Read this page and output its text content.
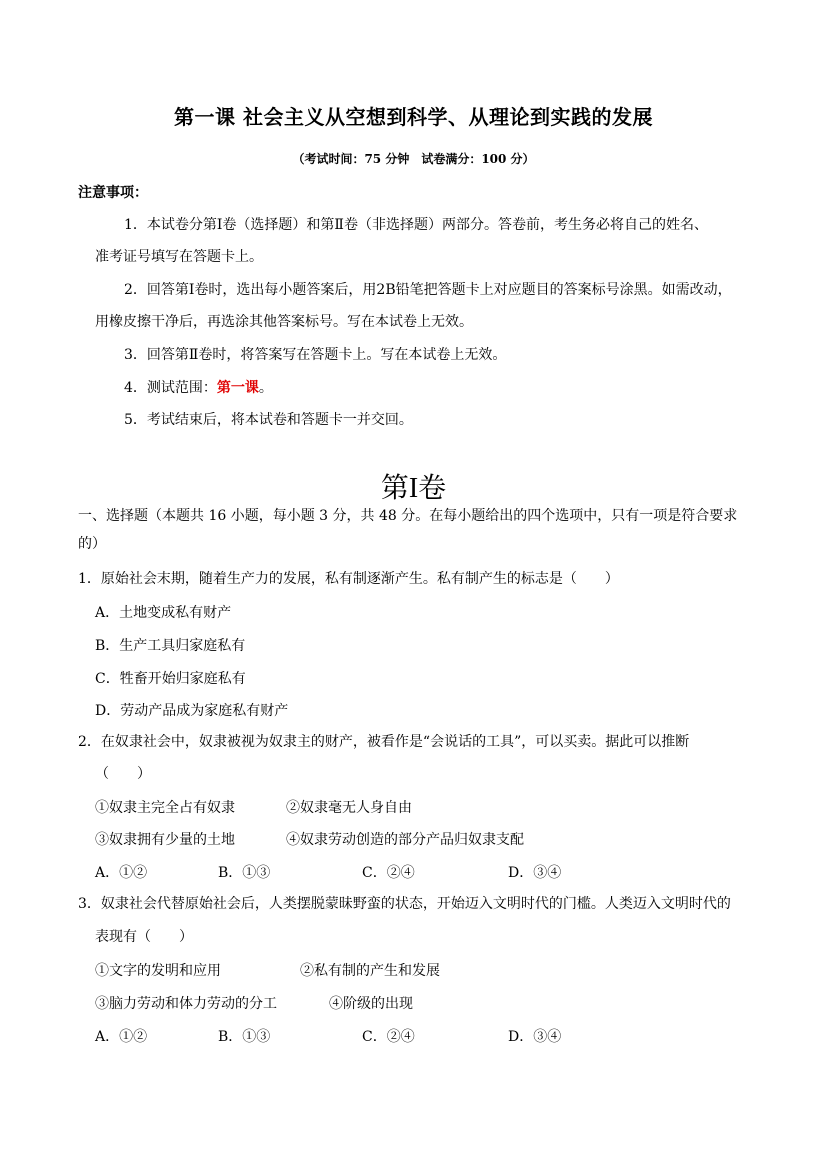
第一课 社会主义从空想到科学、从理论到实践的发展
（考试时间：75 分钟　试卷满分：100 分）
注意事项：
1．本试卷分第Ⅰ卷（选择题）和第Ⅱ卷（非选择题）两部分。答卷前，考生务必将自己的姓名、
准考证号填写在答题卡上。
2．回答第Ⅰ卷时，选出每小题答案后，用2B铅笔把答题卡上对应题目的答案标号涂黑。如需改动，
用橡皮擦干净后，再选涂其他答案标号。写在本试卷上无效。
3．回答第Ⅱ卷时，将答案写在答题卡上。写在本试卷上无效。
4．测试范围：第一课。
5．考试结束后，将本试卷和答题卡一并交回。
第I卷
一、选择题（本题共 16 小题，每小题 3 分，共 48 分。在每小题给出的四个选项中，只有一项是符合要求
的）
1．原始社会末期，随着生产力的发展，私有制逐渐产生。私有制产生的标志是（　　）
A．土地变成私有财产
B．生产工具归家庭私有
C．牲畜开始归家庭私有
D．劳动产品成为家庭私有财产
2．在奴隶社会中，奴隶被视为奴隶主的财产，被看作是“会说话的工具”，可以买卖。据此可以推断
（　　）
①奴隶主完全占有奴隶	②奴隶毫无人身自由
③奴隶拥有少量的土地	④奴隶劳动创造的部分产品归奴隶支配
A．①②	B．①③	C．②④	D．③④
3．奴隶社会代替原始社会后，人类摆脱蒙昧野蛮的状态，开始迈入文明时代的门槛。人类迈入文明时代的
表现有（　　）
①文字的发明和应用	②私有制的产生和发展
③脑力劳动和体力劳动的分工	④阶级的出现
A．①②	B．①③	C．②④	D．③④
